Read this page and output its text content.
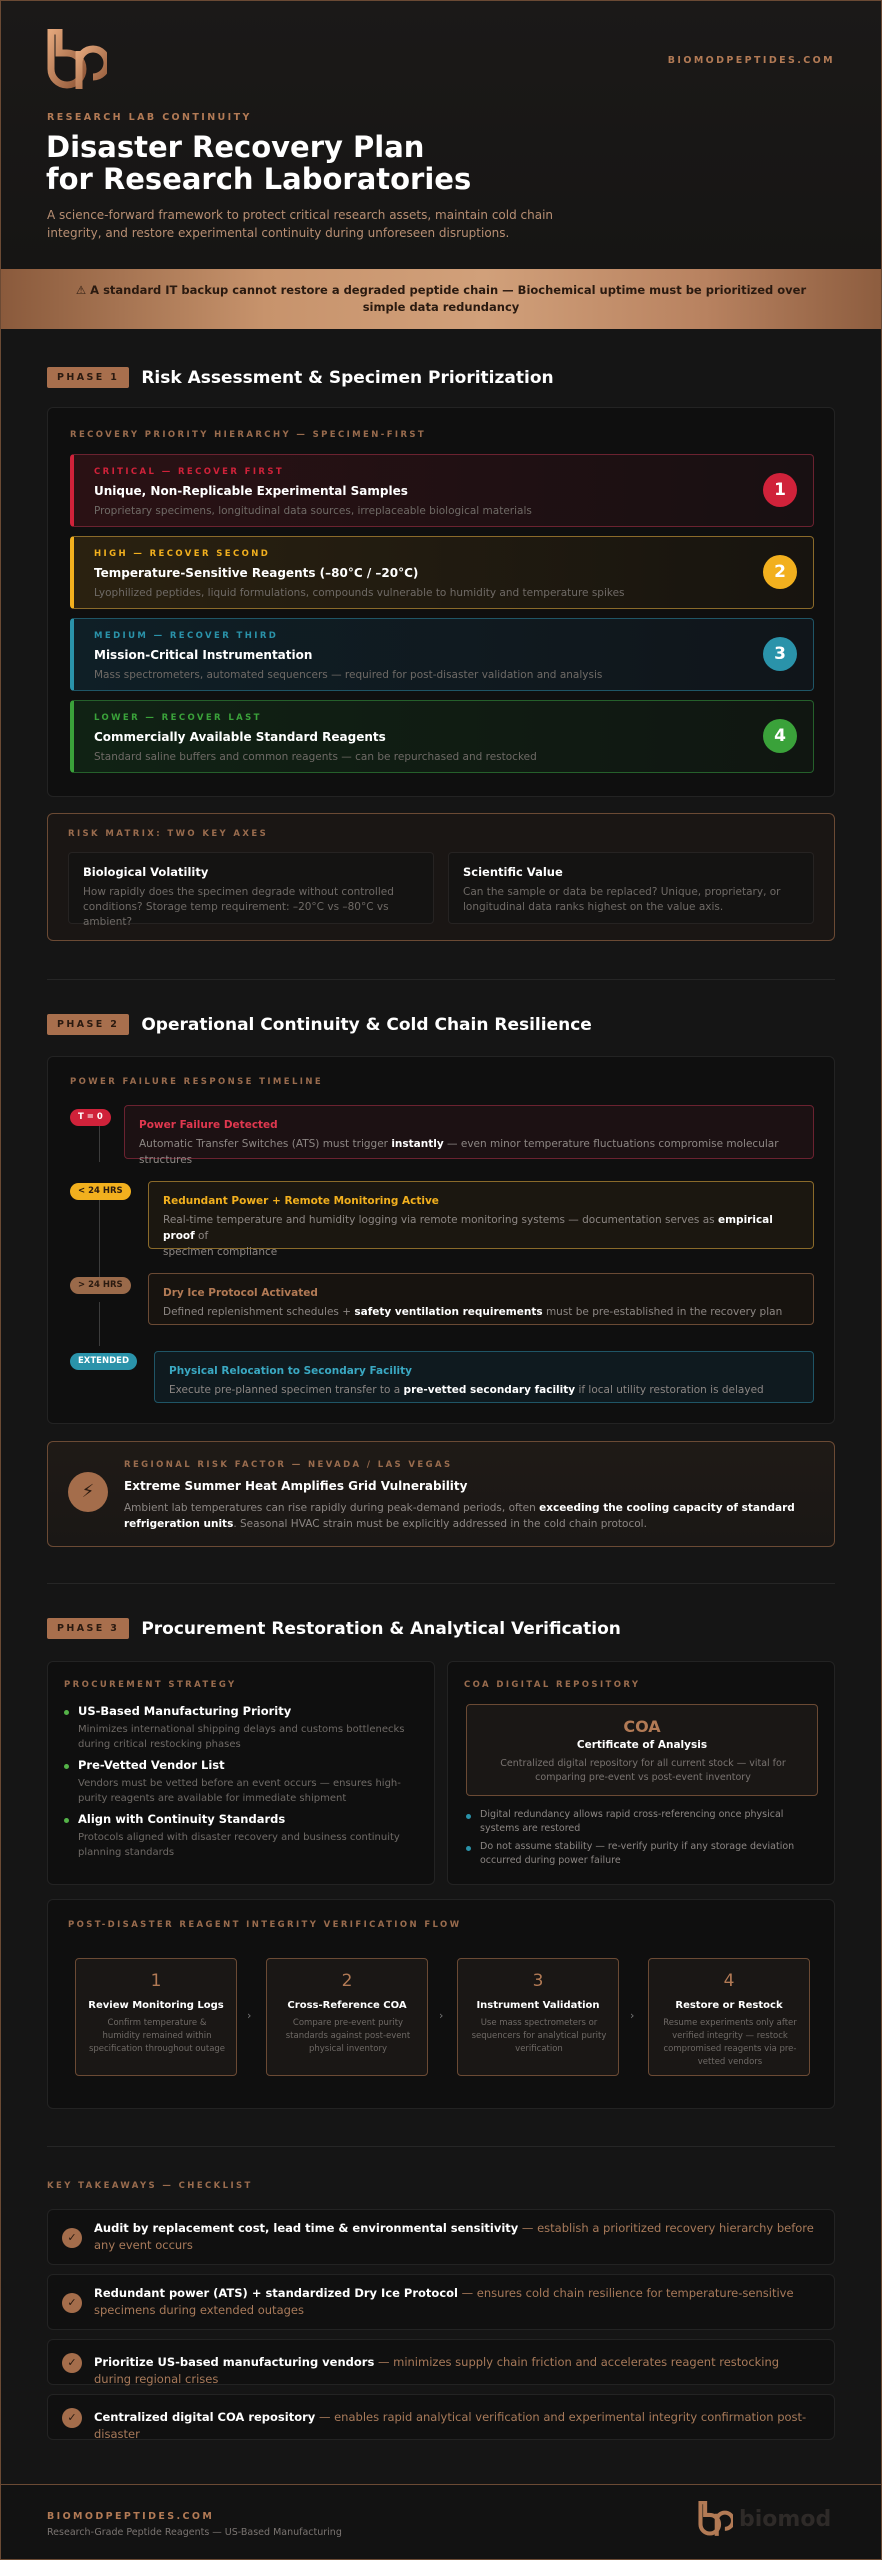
BIOMODPEPTIDES.COM
RESEARCH LAB CONTINUITY
Disaster Recovery Plan
for Research Laboratories
A science-forward framework to protect critical research assets, maintain cold chain integrity, and restore experimental continuity during unforeseen disruptions.
⚠ A standard IT backup cannot restore a degraded peptide chain — Biochemical uptime must be prioritized over simple data redundancy
PHASE 1	Risk Assessment & Specimen Prioritization
RECOVERY PRIORITY HIERARCHY — SPECIMEN-FIRST
CRITICAL — RECOVER FIRST
Unique, Non-Replicable Experimental Samples
Proprietary specimens, longitudinal data sources, irreplaceable biological materials
1
HIGH — RECOVER SECOND
Temperature-Sensitive Reagents (–80°C / –20°C)
Lyophilized peptides, liquid formulations, compounds vulnerable to humidity and temperature spikes
2
MEDIUM — RECOVER THIRD
Mission-Critical Instrumentation
Mass spectrometers, automated sequencers — required for post-disaster validation and analysis
3
LOWER — RECOVER LAST
Commercially Available Standard Reagents
Standard saline buffers and common reagents — can be repurchased and restocked
4
RISK MATRIX: TWO KEY AXES
Biological Volatility
How rapidly does the specimen degrade without controlled conditions? Storage temp requirement: –20°C vs –80°C vs ambient?
Scientific Value
Can the sample or data be replaced? Unique, proprietary, or longitudinal data ranks highest on the value axis.
PHASE 2	Operational Continuity & Cold Chain Resilience
POWER FAILURE RESPONSE TIMELINE
T = 0
Power Failure Detected
Automatic Transfer Switches (ATS) must trigger instantly — even minor temperature fluctuations compromise molecular structures
< 24 HRS
Redundant Power + Remote Monitoring Active
Real-time temperature and humidity logging via remote monitoring systems — documentation serves as empirical proof of
specimen compliance
> 24 HRS
Dry Ice Protocol Activated
Defined replenishment schedules + safety ventilation requirements must be pre-established in the recovery plan
EXTENDED
Physical Relocation to Secondary Facility
Execute pre-planned specimen transfer to a pre-vetted secondary facility if local utility restoration is delayed
⚡
REGIONAL RISK FACTOR — NEVADA / LAS VEGAS
Extreme Summer Heat Amplifies Grid Vulnerability
Ambient lab temperatures can rise rapidly during peak-demand periods, often exceeding the cooling capacity of standard refrigeration units. Seasonal HVAC strain must be explicitly addressed in the cold chain protocol.
PHASE 3	Procurement Restoration & Analytical Verification
PROCUREMENT STRATEGY
US-Based Manufacturing Priority
Minimizes international shipping delays and customs bottlenecks during critical restocking phases
Pre-Vetted Vendor List
Vendors must be vetted before an event occurs — ensures high-purity reagents are available for immediate shipment
Align with Continuity Standards
Protocols aligned with disaster recovery and business continuity planning standards
COA DIGITAL REPOSITORY
COA
Certificate of Analysis
Centralized digital repository for all current stock — vital for comparing pre-event vs post-event inventory
Digital redundancy allows rapid cross-referencing once physical systems are restored
Do not assume stability — re-verify purity if any storage deviation occurred during power failure
POST-DISASTER REAGENT INTEGRITY VERIFICATION FLOW
1
Review Monitoring Logs
Confirm temperature & humidity remained within specification throughout outage
›
2
Cross-Reference COA
Compare pre-event purity standards against post-event physical inventory
›
3
Instrument Validation
Use mass spectrometers or sequencers for analytical purity verification
›
4
Restore or Restock
Resume experiments only after verified integrity — restock compromised reagents via pre-vetted vendors
KEY TAKEAWAYS — CHECKLIST
✓
Audit by replacement cost, lead time & environmental sensitivity — establish a prioritized recovery hierarchy before any event occurs
✓
Redundant power (ATS) + standardized Dry Ice Protocol — ensures cold chain resilience for temperature-sensitive specimens during extended outages
✓	Prioritize US-based manufacturing vendors — minimizes supply chain friction and accelerates reagent restocking during regional crises
✓	Centralized digital COA repository — enables rapid analytical verification and experimental integrity confirmation post-disaster
BIOMODPEPTIDES.COM
Research-Grade Peptide Reagents — US-Based Manufacturing
biomod
